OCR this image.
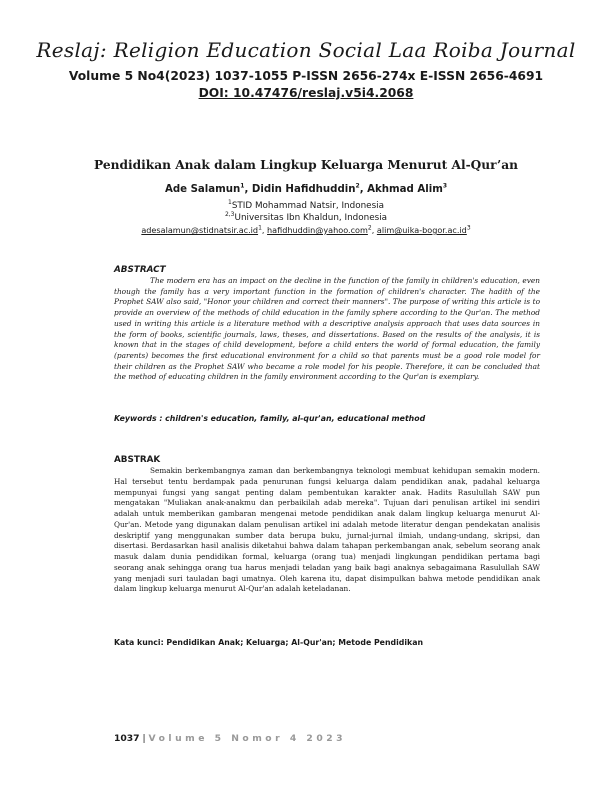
Reslaj: Religion Education Social Laa Roiba Journal
Volume 5 No4(2023) 1037-1055 P-ISSN 2656-274x E-ISSN 2656-4691
DOI: 10.47476/reslaj.v5i4.2068
Pendidikan Anak dalam Lingkup Keluarga Menurut Al-Qur’an
Ade Salamun$^1$, Didin Hafidhuddin$^2$, Akhmad Alim$^3$
$^1$STID Mohammad Natsir, Indonesia
$^{2,3}$Universitas Ibn Khaldun, Indonesia
$adesalamun@stidnatsir.ac.id^1$, hafidhuddin@yahoo.com$^2$, $alim@uika-bogor.ac.id^3$
ABSTRACT
The modern era has an impact on the decline in the function of the family in children's education, even though the family has a very important function in the formation of children's character. The hadith of the Prophet SAW also said, "Honor your children and correct their manners". The purpose of writing this article is to provide an overview of the methods of child education in the family sphere according to the Qur'an. The method used in writing this article is a literature method with a descriptive analysis approach that uses data sources in the form of books, scientific journals, laws, theses, and dissertations. Based on the results of the analysis, it is known that in the stages of child development, before a child enters the world of formal education, the family (parents) becomes the first educational environment for a child so that parents must be a good role model for their children as the Prophet SAW who became a role model for his people. Therefore, it can be concluded that the method of educating children in the family environment according to the Qur'an is exemplary.
Keywords : children's education, family, al-qur'an, educational method
ABSTRAK
Semakin berkembangnya zaman dan berkembangnya teknologi membuat kehidupan semakin modern. Hal tersebut tentu berdampak pada penurunan fungsi keluarga dalam pendidikan anak, padahal keluarga mempunyai fungsi yang sangat penting dalam pembentukan karakter anak. Hadits Rasulullah SAW pun mengatakan "Muliakan anak-anakmu dan perbaikilah adab mereka". Tujuan dari penulisan artikel ini sendiri adalah untuk memberikan gambaran mengenai metode pendidikan anak dalam lingkup keluarga menurut Al-Qur'an. Metode yang digunakan dalam penulisan artikel ini adalah metode literatur dengan pendekatan analisis deskriptif yang menggunakan sumber data berupa buku, jurnal-jurnal ilmiah, undang-undang, skripsi, dan disertasi. Berdasarkan hasil analisis diketahui bahwa dalam tahapan perkembangan anak, sebelum seorang anak masuk dalam dunia pendidikan formal, keluarga (orang tua) menjadi lingkungan pendidikan pertama bagi seorang anak sehingga orang tua harus menjadi teladan yang baik bagi anaknya sebagaimana Rasulullah SAW yang menjadi suri tauladan bagi umatnya. Oleh karena itu, dapat disimpulkan bahwa metode pendidikan anak dalam lingkup keluarga menurut Al-Qur'an adalah keteladanan.
Kata kunci: Pendidikan Anak; Keluarga; Al-Qur'an; Metode Pendidikan
1037 | Volume 5 Nomor 4 2023
